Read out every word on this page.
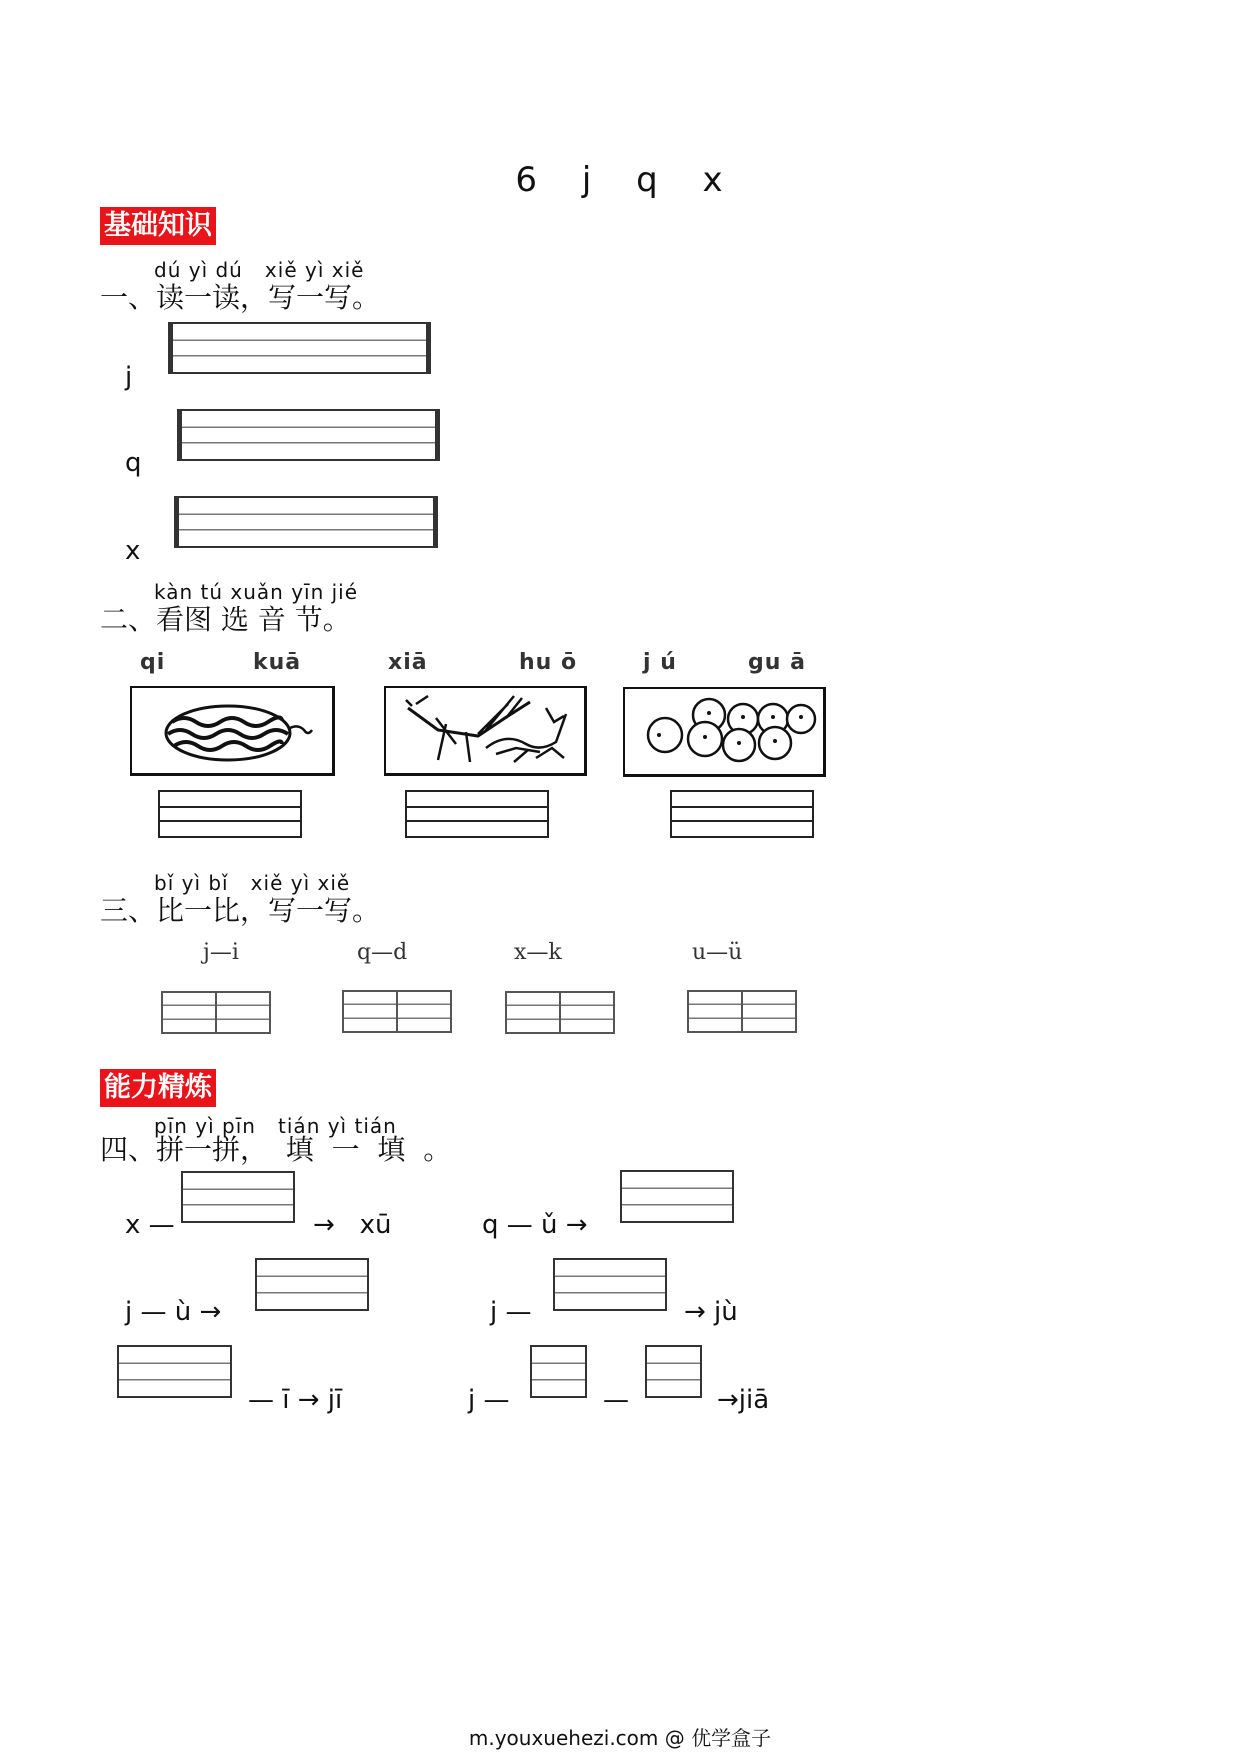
6 j q x
基础知识
dú yì dú   xiě yì xiě
一、读一读，写一写。
j
q
x
kàn tú xuǎn yīn jié
二、看图 选 音 节。
qi	kuā	xiā	hu ō	j ú	gu ā
bǐ yì bǐ   xiě yì xiě
三、比一比，写一写。
j—i	q—d	x—k	u—ü
能力精炼
pīn yì pīn   tián yì tián
四、拼一拼，  填  一  填  。
x —	→   xū	q — ǔ →
j — ù →	j —	→ jù
— ī → jī	j —	—	→jiā
m.youxuehezi.com @ 优学盒子
